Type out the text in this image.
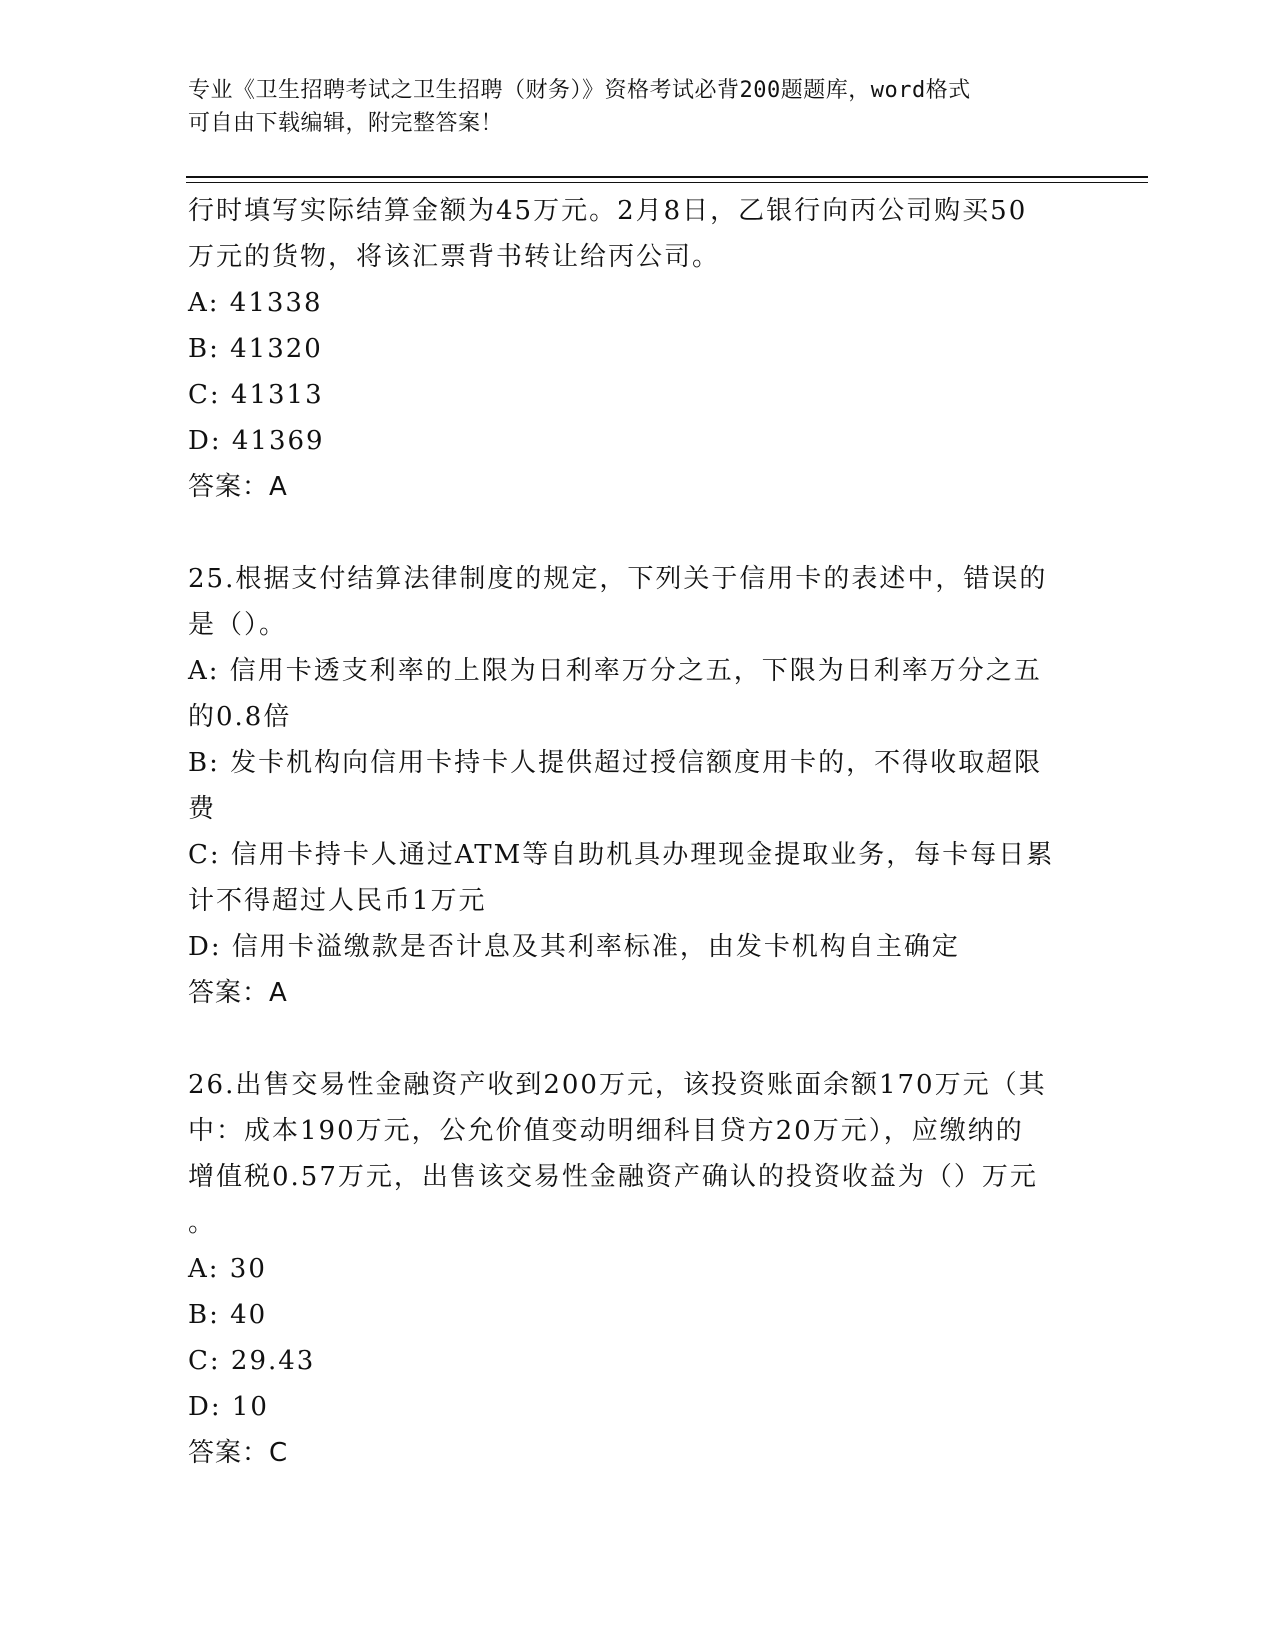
专业《卫生招聘考试之卫生招聘（财务）》资格考试必背200题题库，word格式
可自由下载编辑，附完整答案！
行时填写实际结算金额为45万元。2月8日，乙银行向丙公司购买50
万元的货物，将该汇票背书转让给丙公司。
A: 41338
B: 41320
C: 41313
D: 41369
答案：A
25.根据支付结算法律制度的规定，下列关于信用卡的表述中，错误的
是（）。
A: 信用卡透支利率的上限为日利率万分之五，下限为日利率万分之五
的0.8倍
B: 发卡机构向信用卡持卡人提供超过授信额度用卡的，不得收取超限
费
C: 信用卡持卡人通过ATM等自助机具办理现金提取业务，每卡每日累
计不得超过人民币1万元
D: 信用卡溢缴款是否计息及其利率标准，由发卡机构自主确定
答案：A
26.出售交易性金融资产收到200万元，该投资账面余额170万元（其
中：成本190万元，公允价值变动明细科目贷方20万元），应缴纳的
增值税0.57万元，出售该交易性金融资产确认的投资收益为（）万元
。
A: 30
B: 40
C: 29.43
D: 10
答案：C
